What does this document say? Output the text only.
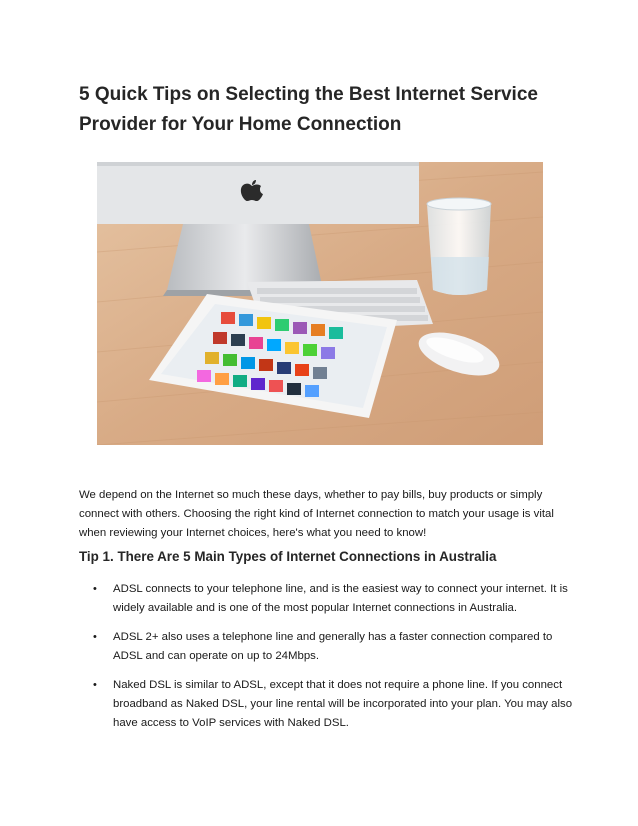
5 Quick Tips on Selecting the Best Internet Service Provider for Your Home Connection

We depend on the Internet so much these days, whether to pay bills, buy products or simply connect with others. Choosing the right kind of Internet connection to match your usage is vital when reviewing your Internet choices, here's what you need to know!

Tip 1. There Are 5 Main Types of Internet Connections in Australia
• ADSL connects to your telephone line, and is the easiest way to connect your internet. It is widely available and is one of the most popular Internet connections in Australia.
• ADSL 2+ also uses a telephone line and generally has a faster connection compared to ADSL and can operate on up to 24Mbps.
• Naked DSL is similar to ADSL, except that it does not require a phone line. If you connect broadband as Naked DSL, your line rental will be incorporated into your plan. You may also have access to VoIP services with Naked DSL.
